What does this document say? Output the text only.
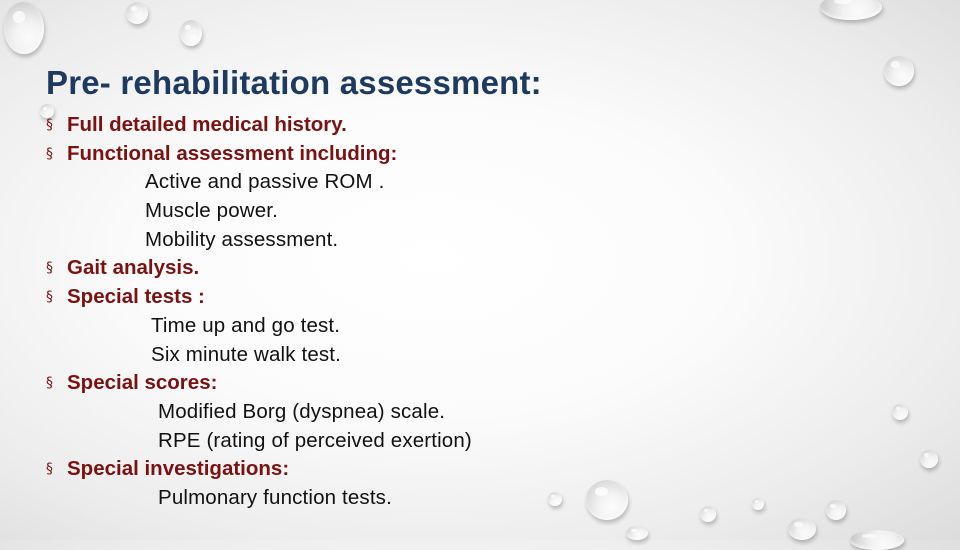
Pre- rehabilitation assessment:
§ Full detailed medical history.
§ Functional assessment including:
Active and passive ROM .
Muscle power.
Mobility assessment.
§ Gait analysis.
§ Special tests :
Time up and go test.
Six minute walk test.
§ Special scores:
Modified Borg (dyspnea) scale.
RPE (rating of perceived exertion)
§ Special investigations:
Pulmonary function tests.
